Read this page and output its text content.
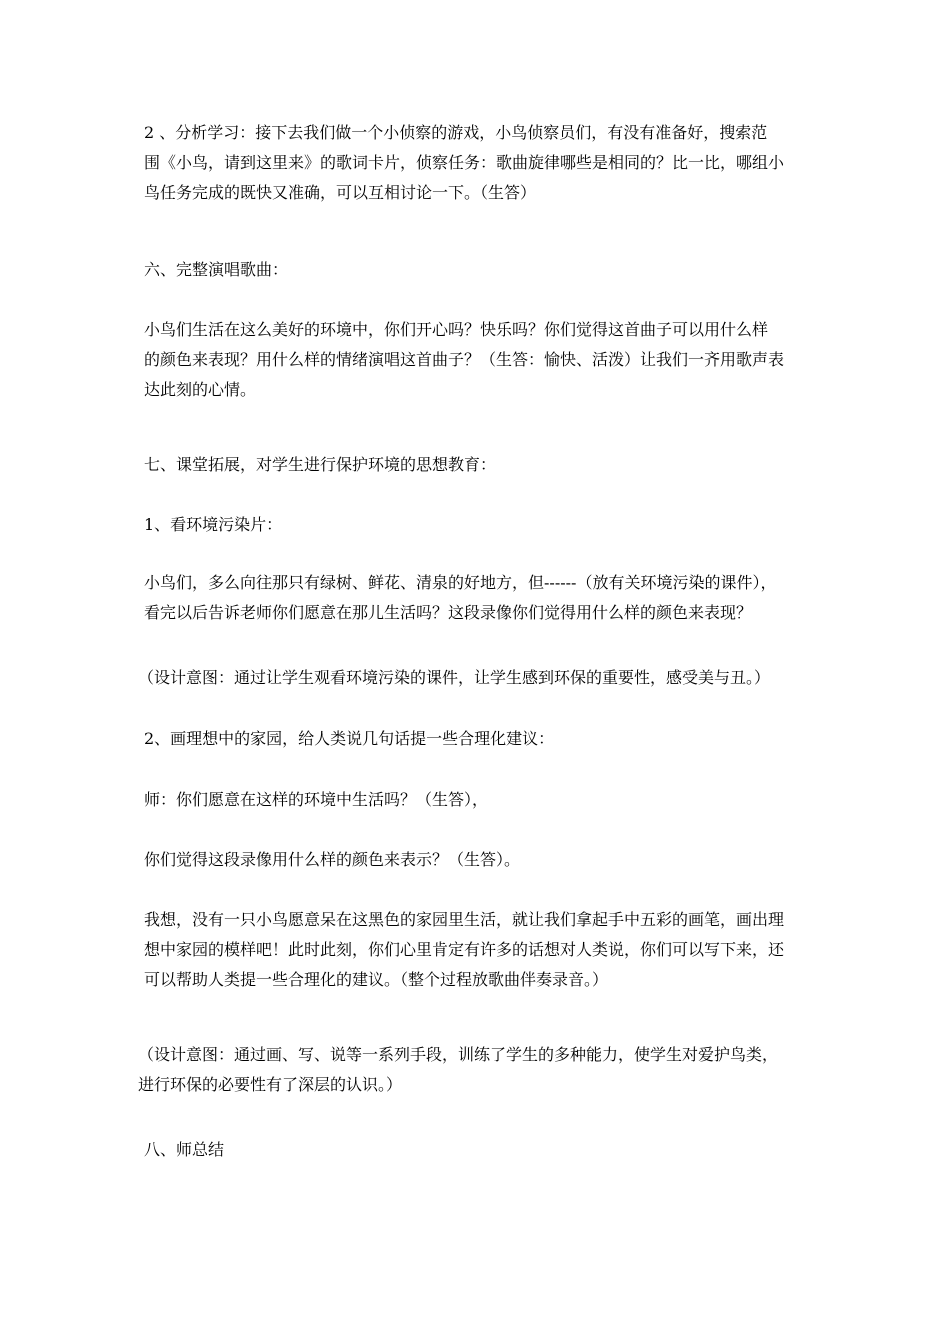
2 、分析学习：接下去我们做一个小侦察的游戏，小鸟侦察员们，有没有准备好，搜索范
围《小鸟，请到这里来》的歌词卡片，侦察任务：歌曲旋律哪些是相同的？比一比，哪组小
鸟任务完成的既快又准确，可以互相讨论一下。（生答）
六、完整演唱歌曲：
小鸟们生活在这么美好的环境中，你们开心吗？快乐吗？你们觉得这首曲子可以用什么样
的颜色来表现？用什么样的情绪演唱这首曲子？（生答：愉快、活泼）让我们一齐用歌声表
达此刻的心情。
七、课堂拓展，对学生进行保护环境的思想教育：
1、看环境污染片：
小鸟们，多么向往那只有绿树、鲜花、清泉的好地方，但------（放有关环境污染的课件），
看完以后告诉老师你们愿意在那儿生活吗？这段录像你们觉得用什么样的颜色来表现？
（设计意图：通过让学生观看环境污染的课件，让学生感到环保的重要性，感受美与丑。）
2、画理想中的家园，给人类说几句话提一些合理化建议：
师：你们愿意在这样的环境中生活吗？（生答），
你们觉得这段录像用什么样的颜色来表示？（生答）。
我想，没有一只小鸟愿意呆在这黑色的家园里生活，就让我们拿起手中五彩的画笔，画出理
想中家园的模样吧！此时此刻，你们心里肯定有许多的话想对人类说，你们可以写下来，还
可以帮助人类提一些合理化的建议。（整个过程放歌曲伴奏录音。）
（设计意图：通过画、写、说等一系列手段，训练了学生的多种能力，使学生对爱护鸟类，
进行环保的必要性有了深层的认识。）
八、师总结
